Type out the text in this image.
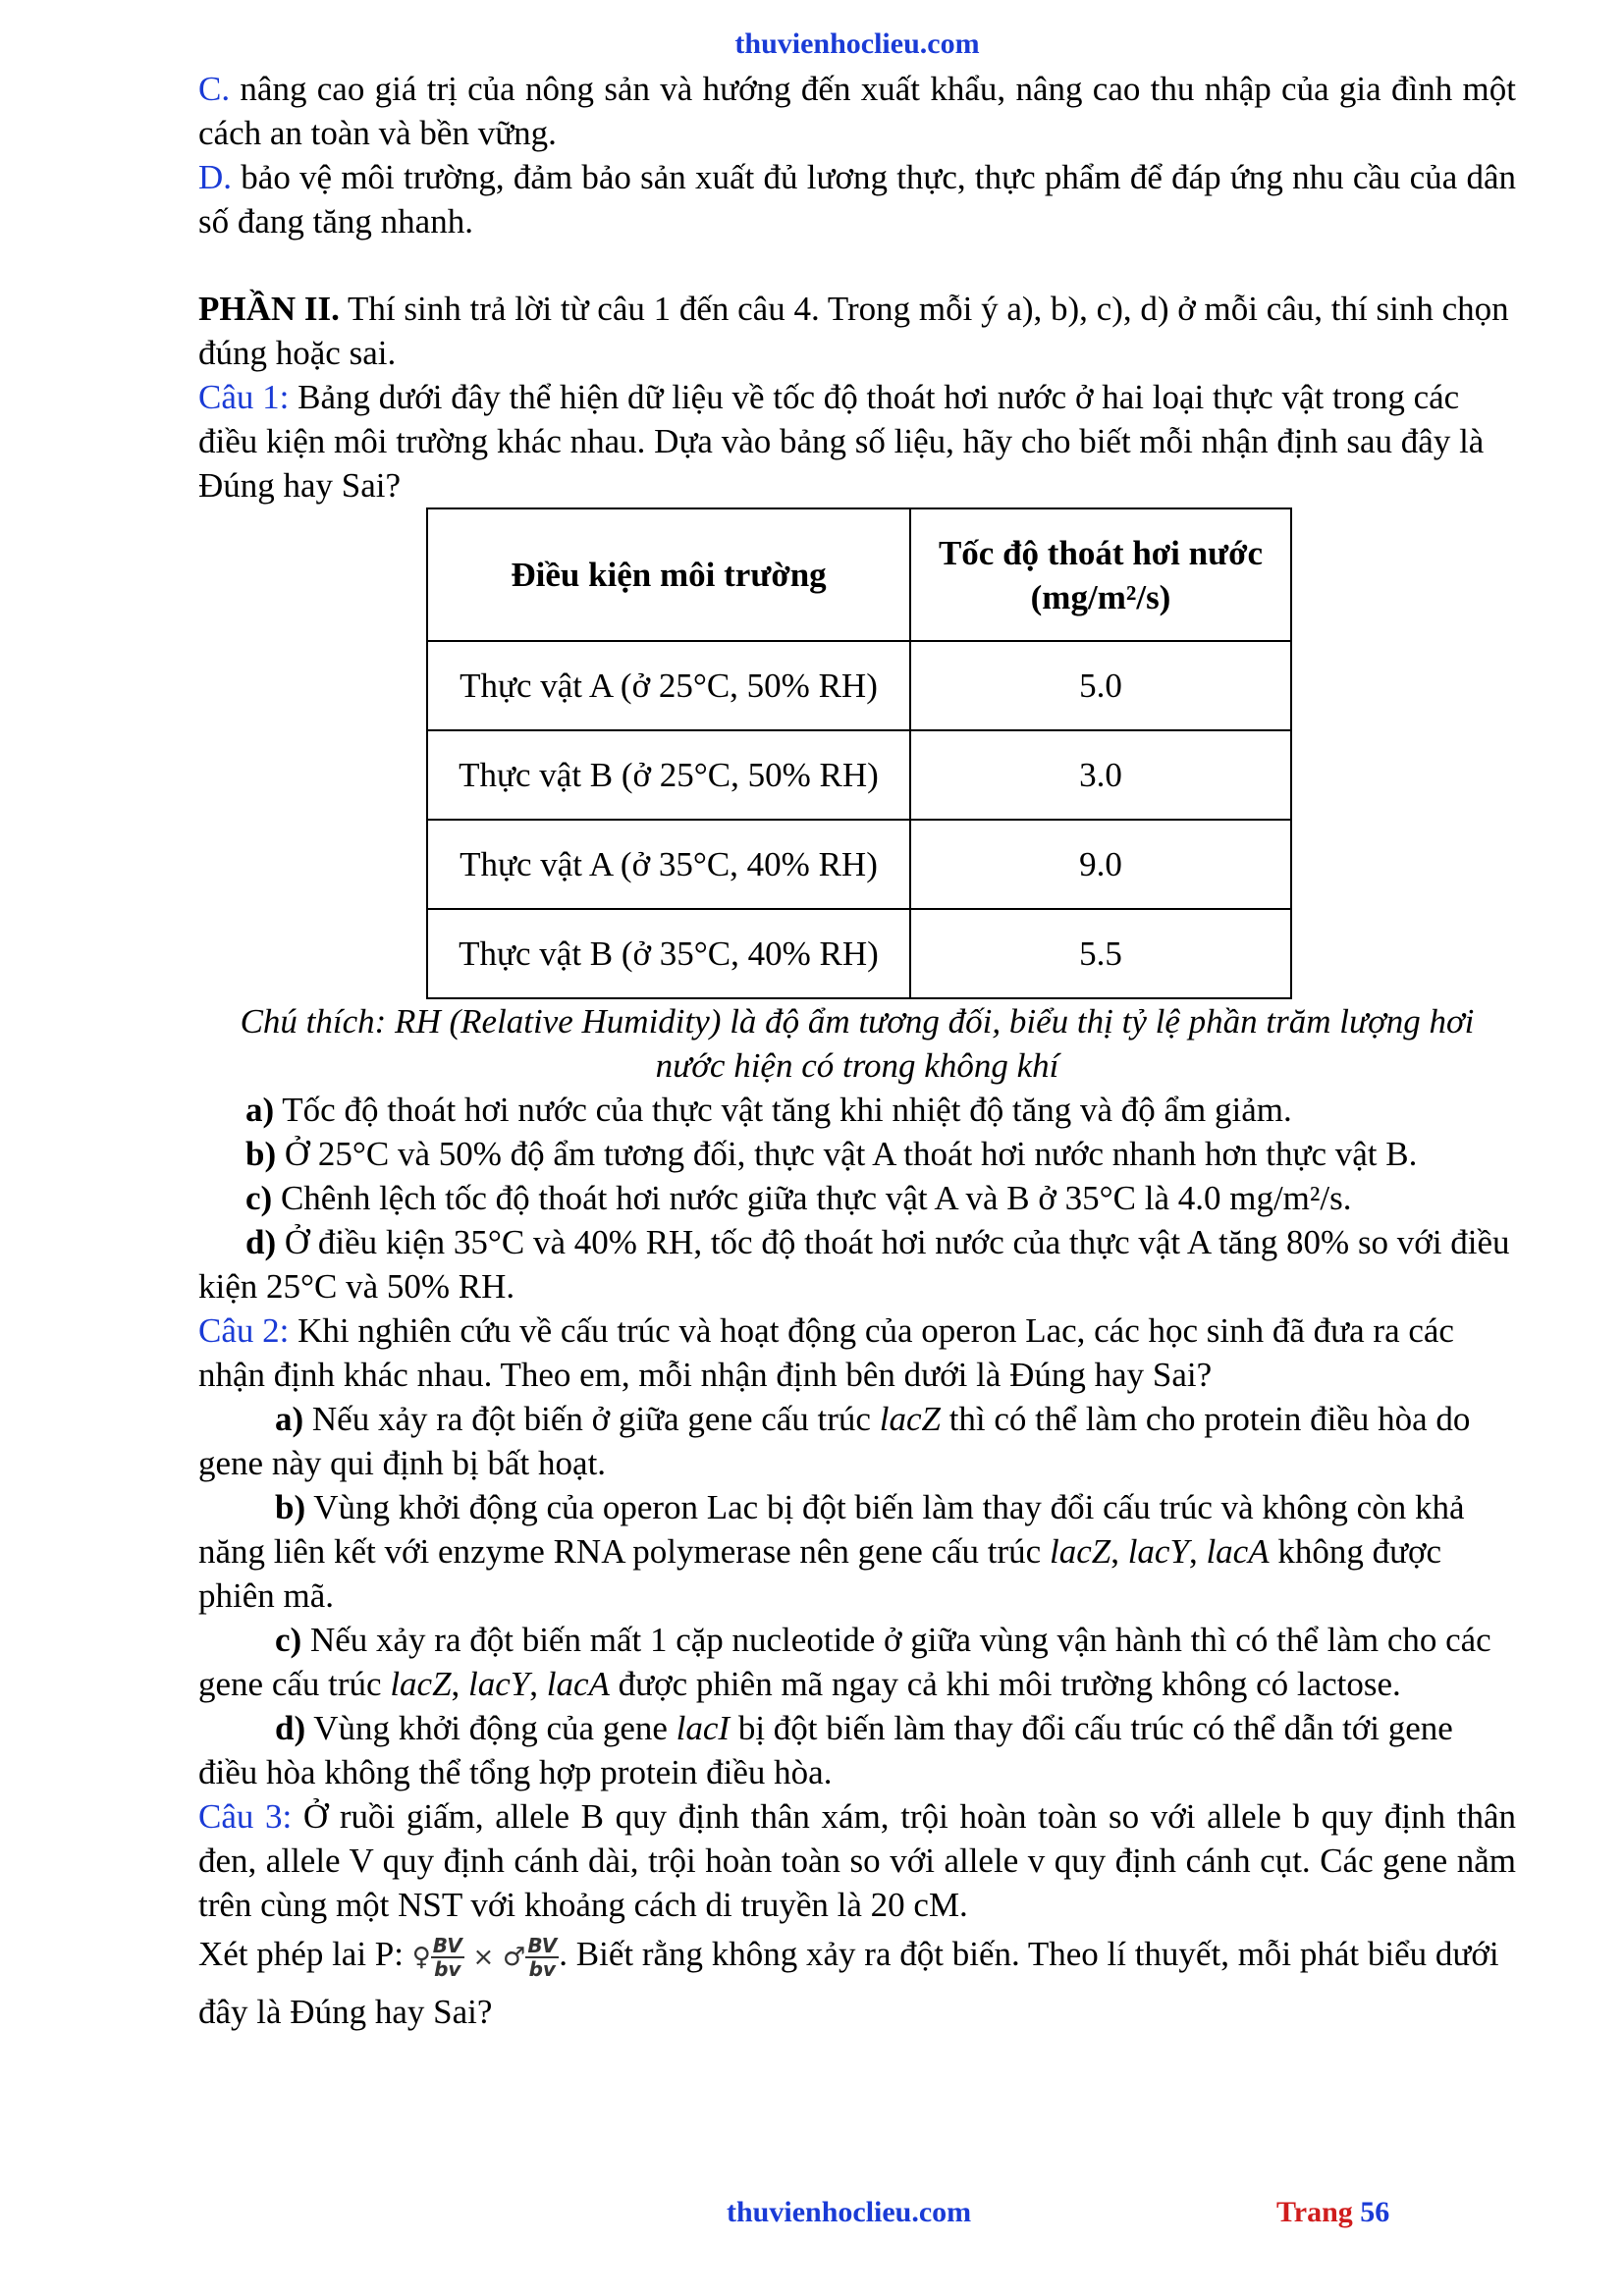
thuvienhoclieu.com

C. nâng cao giá trị của nông sản và hướng đến xuất khẩu, nâng cao thu nhập của gia đình một cách an toàn và bền vững.

D. bảo vệ môi trường, đảm bảo sản xuất đủ lương thực, thực phẩm để đáp ứng nhu cầu của dân số đang tăng nhanh.

PHẦN II. Thí sinh trả lời từ câu 1 đến câu 4. Trong mỗi ý a), b), c), d) ở mỗi câu, thí sinh chọn đúng hoặc sai.

Câu 1: Bảng dưới đây thể hiện dữ liệu về tốc độ thoát hơi nước ở hai loại thực vật trong các điều kiện môi trường khác nhau. Dựa vào bảng số liệu, hãy cho biết mỗi nhận định sau đây là Đúng hay Sai?

Điều kiện môi trường	Tốc độ thoát hơi nước (mg/m²/s)
Thực vật A (ở 25°C, 50% RH)	5.0
Thực vật B (ở 25°C, 50% RH)	3.0
Thực vật A (ở 35°C, 40% RH)	9.0
Thực vật B (ở 35°C, 40% RH)	5.5

Chú thích: RH (Relative Humidity) là độ ẩm tương đối, biểu thị tỷ lệ phần trăm lượng hơi nước hiện có trong không khí

a) Tốc độ thoát hơi nước của thực vật tăng khi nhiệt độ tăng và độ ẩm giảm.

b) Ở 25°C và 50% độ ẩm tương đối, thực vật A thoát hơi nước nhanh hơn thực vật B.

c) Chênh lệch tốc độ thoát hơi nước giữa thực vật A và B ở 35°C là 4.0 mg/m²/s.

d) Ở điều kiện 35°C và 40% RH, tốc độ thoát hơi nước của thực vật A tăng 80% so với điều kiện 25°C và 50% RH.

Câu 2: Khi nghiên cứu về cấu trúc và hoạt động của operon Lac, các học sinh đã đưa ra các nhận định khác nhau. Theo em, mỗi nhận định bên dưới là Đúng hay Sai?

a) Nếu xảy ra đột biến ở giữa gene cấu trúc lacZ thì có thể làm cho protein điều hòa do gene này qui định bị bất hoạt.

b) Vùng khởi động của operon Lac bị đột biến làm thay đổi cấu trúc và không còn khả năng liên kết với enzyme RNA polymerase nên gene cấu trúc lacZ, lacY, lacA không được phiên mã.

c) Nếu xảy ra đột biến mất 1 cặp nucleotide ở giữa vùng vận hành thì có thể làm cho các gene cấu trúc lacZ, lacY, lacA được phiên mã ngay cả khi môi trường không có lactose.

d) Vùng khởi động của gene lacI bị đột biến làm thay đổi cấu trúc có thể dẫn tới gene điều hòa không thể tổng hợp protein điều hòa.

Câu 3: Ở ruồi giấm, allele B quy định thân xám, trội hoàn toàn so với allele b quy định thân đen, allele V quy định cánh dài, trội hoàn toàn so với allele v quy định cánh cụt. Các gene nằm trên cùng một NST với khoảng cách di truyền là 20 cM.

Xét phép lai P: ♀ $\frac{BV}{bv}$ × ♂ $\frac{BV}{bv}$ . Biết rằng không xảy ra đột biến. Theo lí thuyết, mỗi phát biểu dưới đây là Đúng hay Sai?

thuvienhoclieu.com	Trang 56
